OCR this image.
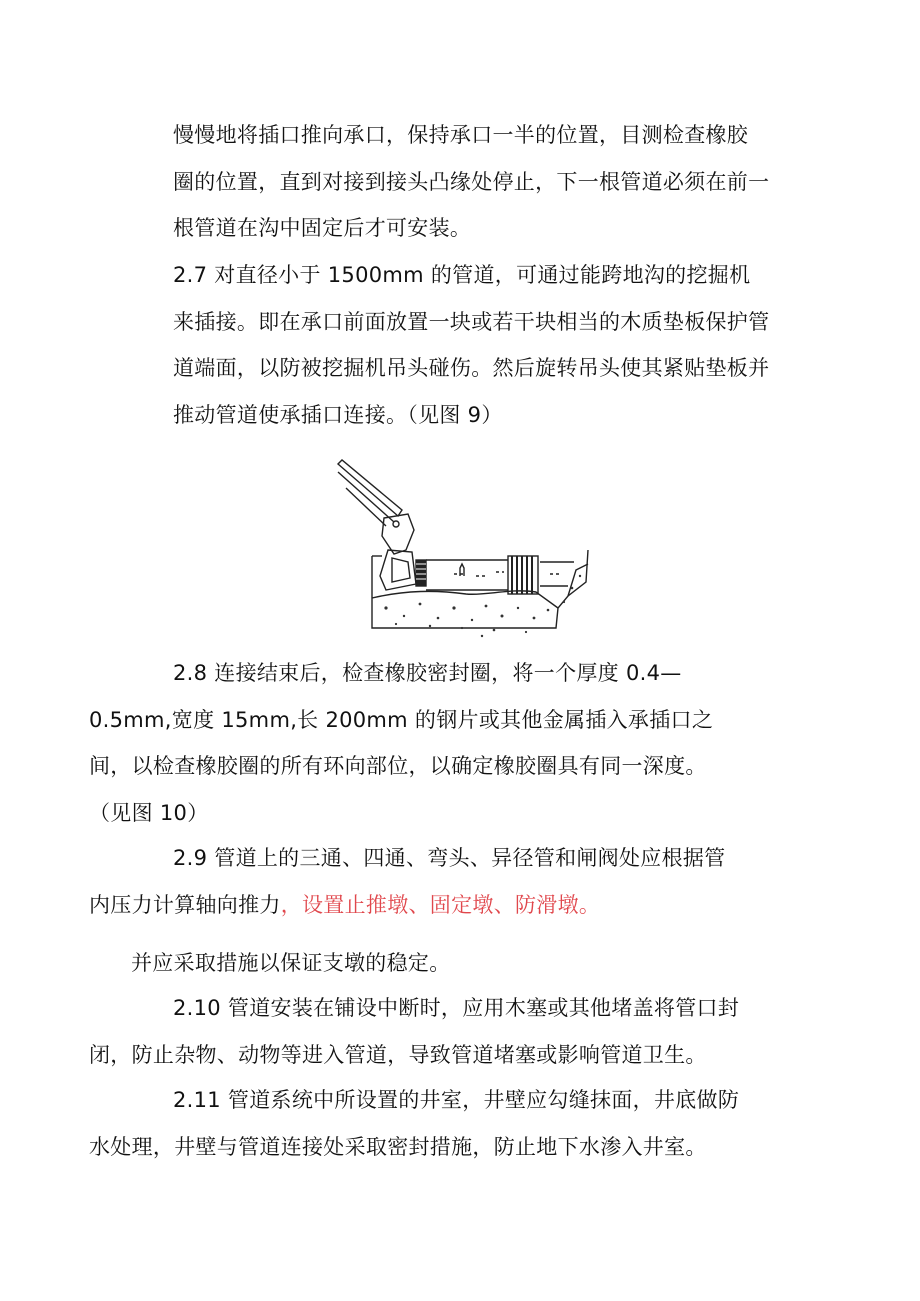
慢慢地将插口推向承口，保持承口一半的位置，目测检查橡胶
圈的位置，直到对接到接头凸缘处停止，下一根管道必须在前一
根管道在沟中固定后才可安装。

2.7 对直径小于 1500mm 的管道，可通过能跨地沟的挖掘机
来插接。即在承口前面放置一块或若干块相当的木质垫板保护管
道端面，以防被挖掘机吊头碰伤。然后旋转吊头使其紧贴垫板并
推动管道使承插口连接。（见图 9）

2.8 连接结束后，检查橡胶密封圈，将一个厚度 0.4—
0.5mm,宽度 15mm,长 200mm 的钢片或其他金属插入承插口之
间，以检查橡胶圈的所有环向部位，以确定橡胶圈具有同一深度。
（见图 10）

2.9 管道上的三通、四通、弯头、异径管和闸阀处应根据管
内压力计算轴向推力，设置止推墩、固定墩、防滑墩。

并应采取措施以保证支墩的稳定。

2.10 管道安装在铺设中断时，应用木塞或其他堵盖将管口封
闭，防止杂物、动物等进入管道，导致管道堵塞或影响管道卫生。

2.11 管道系统中所设置的井室，井壁应勾缝抹面，井底做防
水处理，井壁与管道连接处采取密封措施，防止地下水渗入井室。
